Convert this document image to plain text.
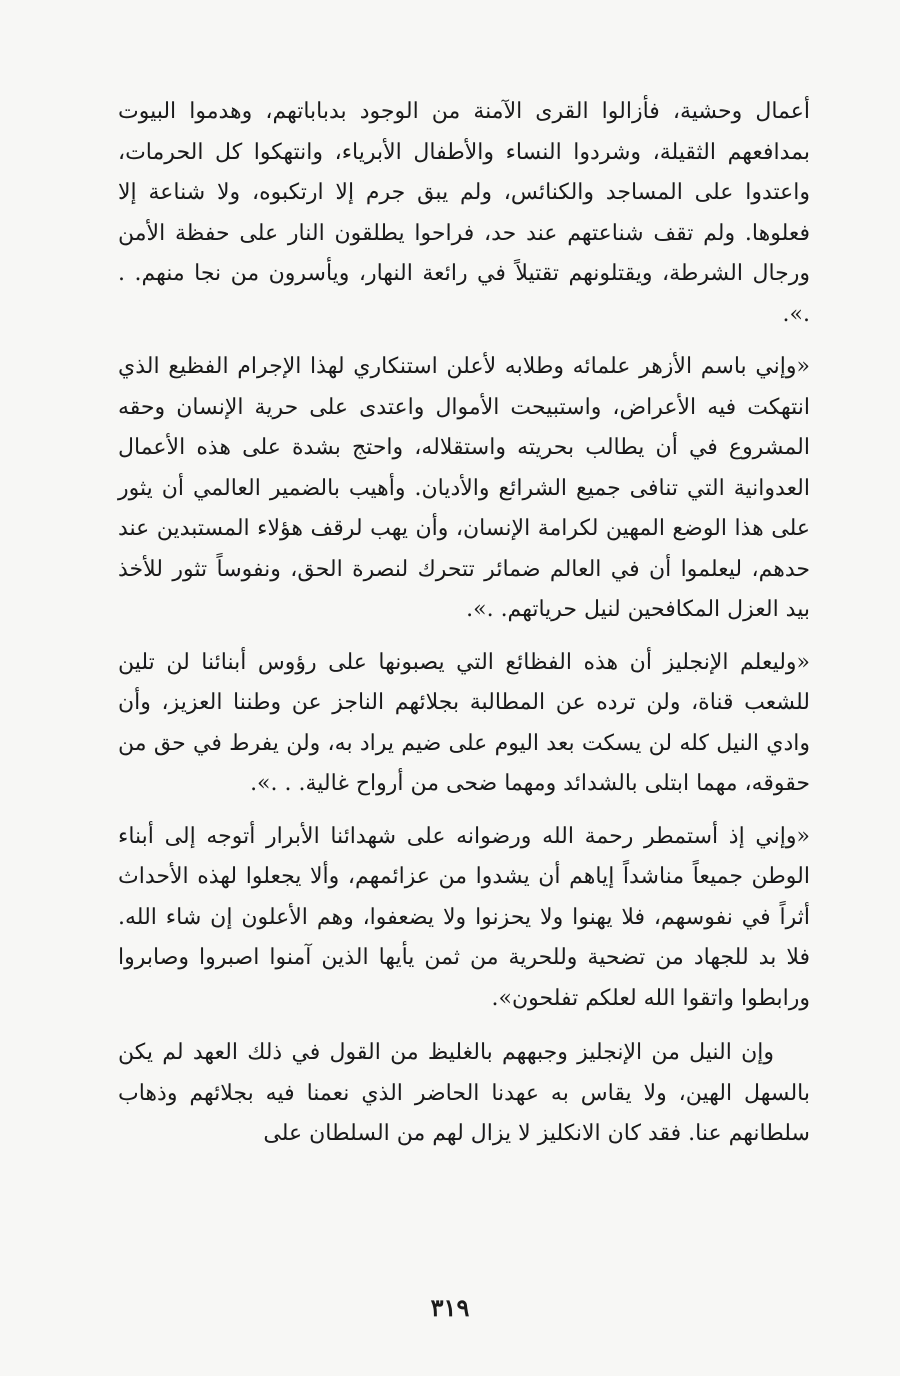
أعمال وحشية، فأزالوا القرى الآمنة من الوجود بدباباتهم، وهدموا البيوت بمدافعهم الثقيلة، وشردوا النساء والأطفال الأبرياء، وانتهكوا كل الحرمات، واعتدوا على المساجد والكنائس، ولم يبق جرم إلا ارتكبوه، ولا شناعة إلا فعلوها. ولم تقف شناعتهم عند حد، فراحوا يطلقون النار على حفظة الأمن ورجال الشرطة، ويقتلونهم تقتيلاً في رائعة النهار، ويأسرون من نجا منهم. . .».

«وإني باسم الأزهر علمائه وطلابه لأعلن استنكاري لهذا الإجرام الفظيع الذي انتهكت فيه الأعراض، واستبيحت الأموال واعتدى على حرية الإنسان وحقه المشروع في أن يطالب بحريته واستقلاله، واحتج بشدة على هذه الأعمال العدوانية التي تنافى جميع الشرائع والأديان. وأهيب بالضمير العالمي أن يثور على هذا الوضع المهين لكرامة الإنسان، وأن يهب لرقف هؤلاء المستبدين عند حدهم، ليعلموا أن في العالم ضمائر تتحرك لنصرة الحق، ونفوساً تثور للأخذ بيد العزل المكافحين لنيل حرياتهم. .».

«وليعلم الإنجليز أن هذه الفظائع التي يصبونها على رؤوس أبنائنا لن تلين للشعب قناة، ولن ترده عن المطالبة بجلائهم الناجز عن وطننا العزيز، وأن وادي النيل كله لن يسكت بعد اليوم على ضيم يراد به، ولن يفرط في حق من حقوقه، مهما ابتلى بالشدائد ومهما ضحى من أرواح غالية. . .».

«وإني إذ أستمطر رحمة الله ورضوانه على شهدائنا الأبرار أتوجه إلى أبناء الوطن جميعاً مناشداً إياهم أن يشدوا من عزائمهم، وألا يجعلوا لهذه الأحداث أثراً في نفوسهم، فلا يهنوا ولا يحزنوا ولا يضعفوا، وهم الأعلون إن شاء الله. فلا بد للجهاد من تضحية وللحرية من ثمن يأيها الذين آمنوا اصبروا وصابروا ورابطوا واتقوا الله لعلكم تفلحون».

وإن النيل من الإنجليز وجبههم بالغليظ من القول في ذلك العهد لم يكن بالسهل الهين، ولا يقاس به عهدنا الحاضر الذي نعمنا فيه بجلائهم وذهاب سلطانهم عنا. فقد كان الانكليز لا يزال لهم من السلطان على

٣١٩
